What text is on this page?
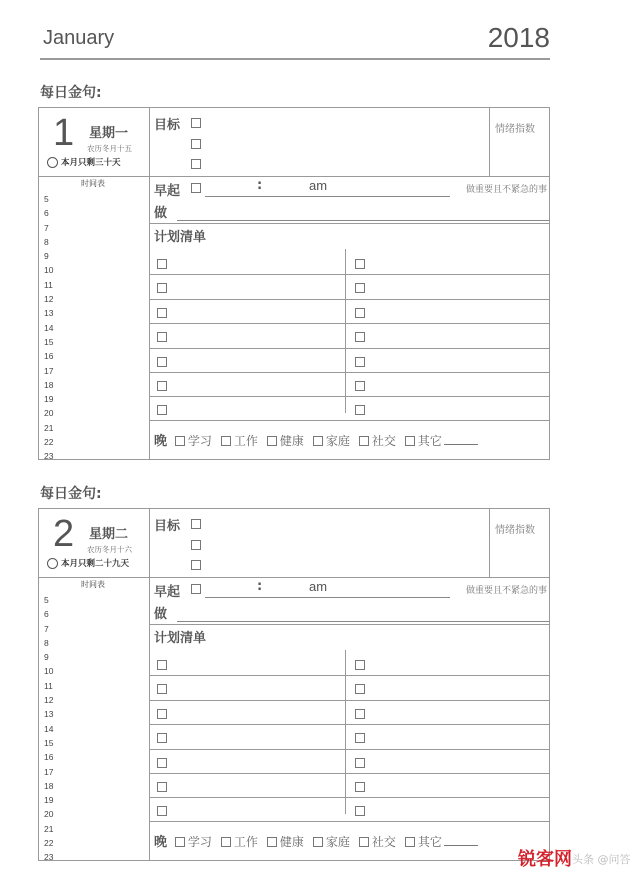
January	2018
每日金句:
1 星期一
农历冬月十五
本月只剩三十天
时间表
5
6
7
8
9
10
11
12
13
14
15
16
17
18
19
20
21
22
23
目标	情绪指数
早起	:	am	做重要且不紧急的事
做
计划清单
晚 学习 工作 健康 家庭 社交 其它
每日金句:
2 星期二
农历冬月十六
本月只剩二十九天
时间表
5
6
7
8
9
10
11
12
13
14
15
16
17
18
19
20
21
22
23
目标	情绪指数
早起	:	am	做重要且不紧急的事
做
计划清单
晚 学习 工作 健康 家庭 社交 其它
锐客网 头条 @问答
